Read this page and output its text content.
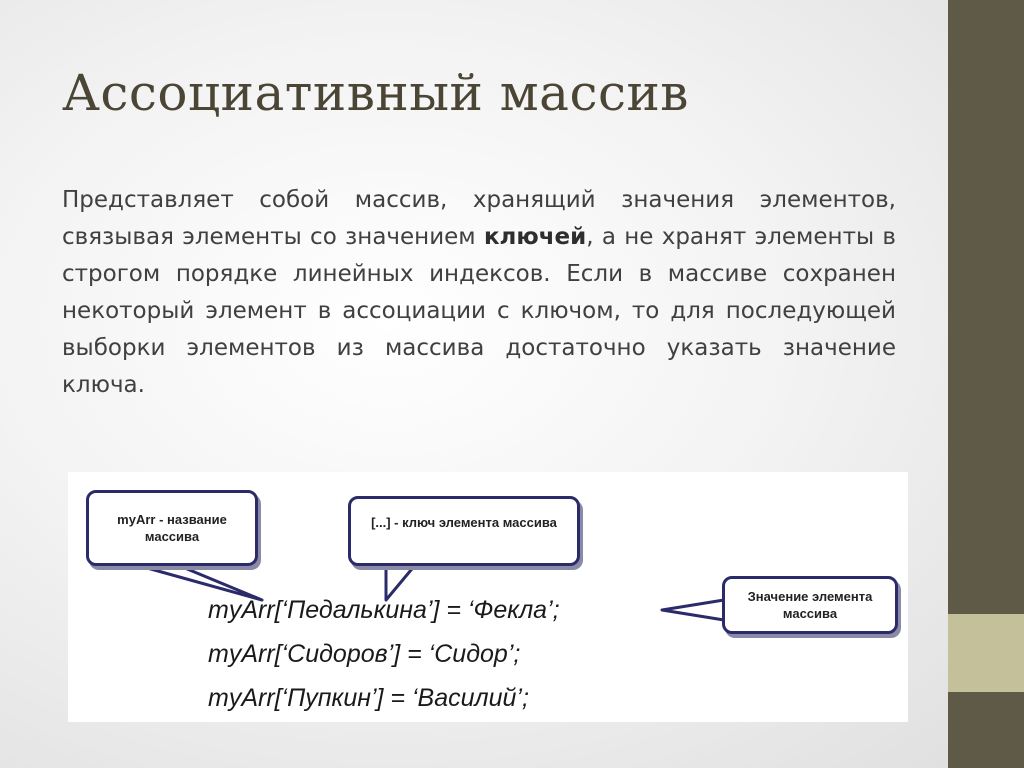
Ассоциативный массив
Представляет собой массив, хранящий значения элементов, связывая элементы со значением ключей, а не хранят элементы в строгом порядке линейных индексов. Если в массиве сохранен некоторый элемент в ассоциации с ключом, то для последующей выборки элементов из массива достаточно указать значение ключа.
myArr - название массива
[...] - ключ элемента массива
Значение элемента массива
myArr[‘Педалькина’] = ‘Фекла’;
myArr[‘Сидоров’] = ‘Сидор’;
myArr[‘Пупкин’] = ‘Василий’;
